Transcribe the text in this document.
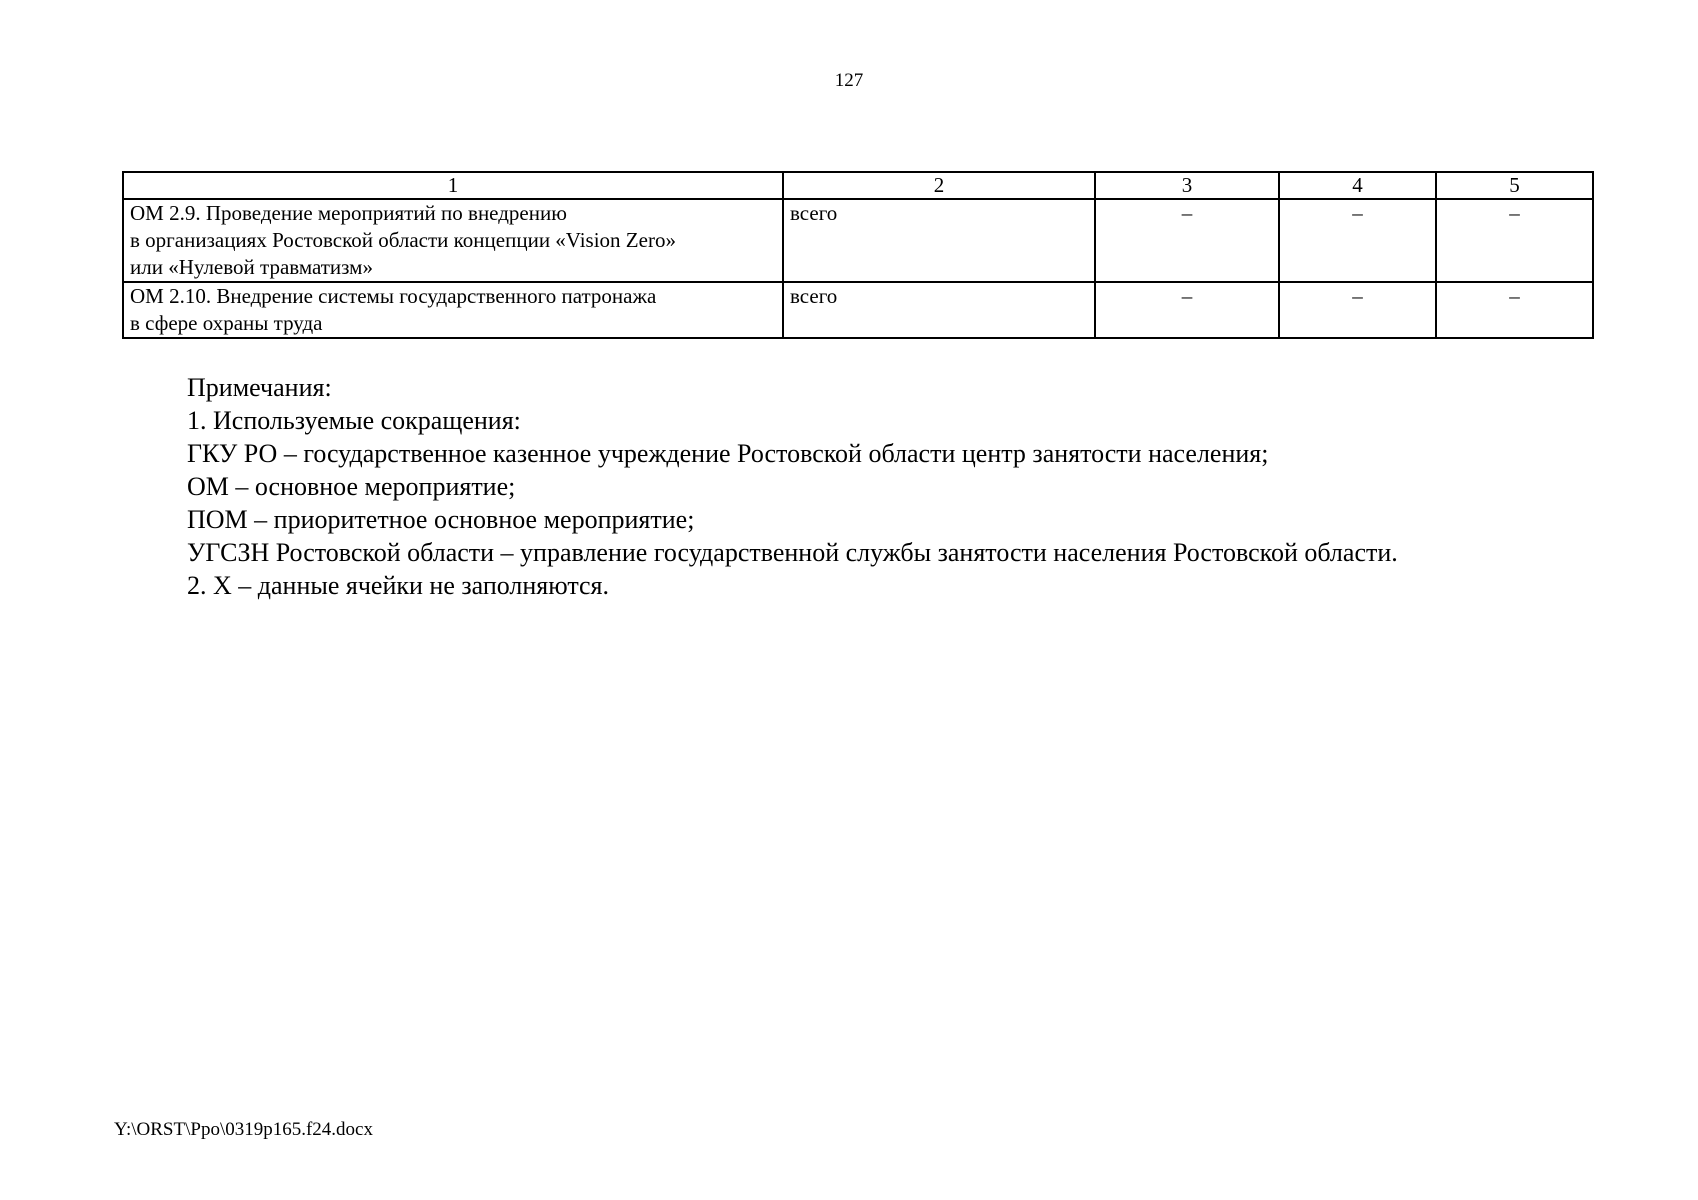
127
1	2	3	4	5

ОМ 2.9. Проведение мероприятий по внедрению
в организациях Ростовской области концепции «Vision Zero»
или «Нулевой травматизм»	всего	–	–	–

ОМ 2.10. Внедрение системы государственного патронажа
в сфере охраны труда	всего	–	–	–
Примечания:
1. Используемые сокращения:
ГКУ РО – государственное казенное учреждение Ростовской области центр занятости населения;
ОМ – основное мероприятие;
ПОМ – приоритетное основное мероприятие;
УГСЗН Ростовской области – управление государственной службы занятости населения Ростовской области.
2. Х – данные ячейки не заполняются.
Y:\ORST\Ppo\0319p165.f24.docx
